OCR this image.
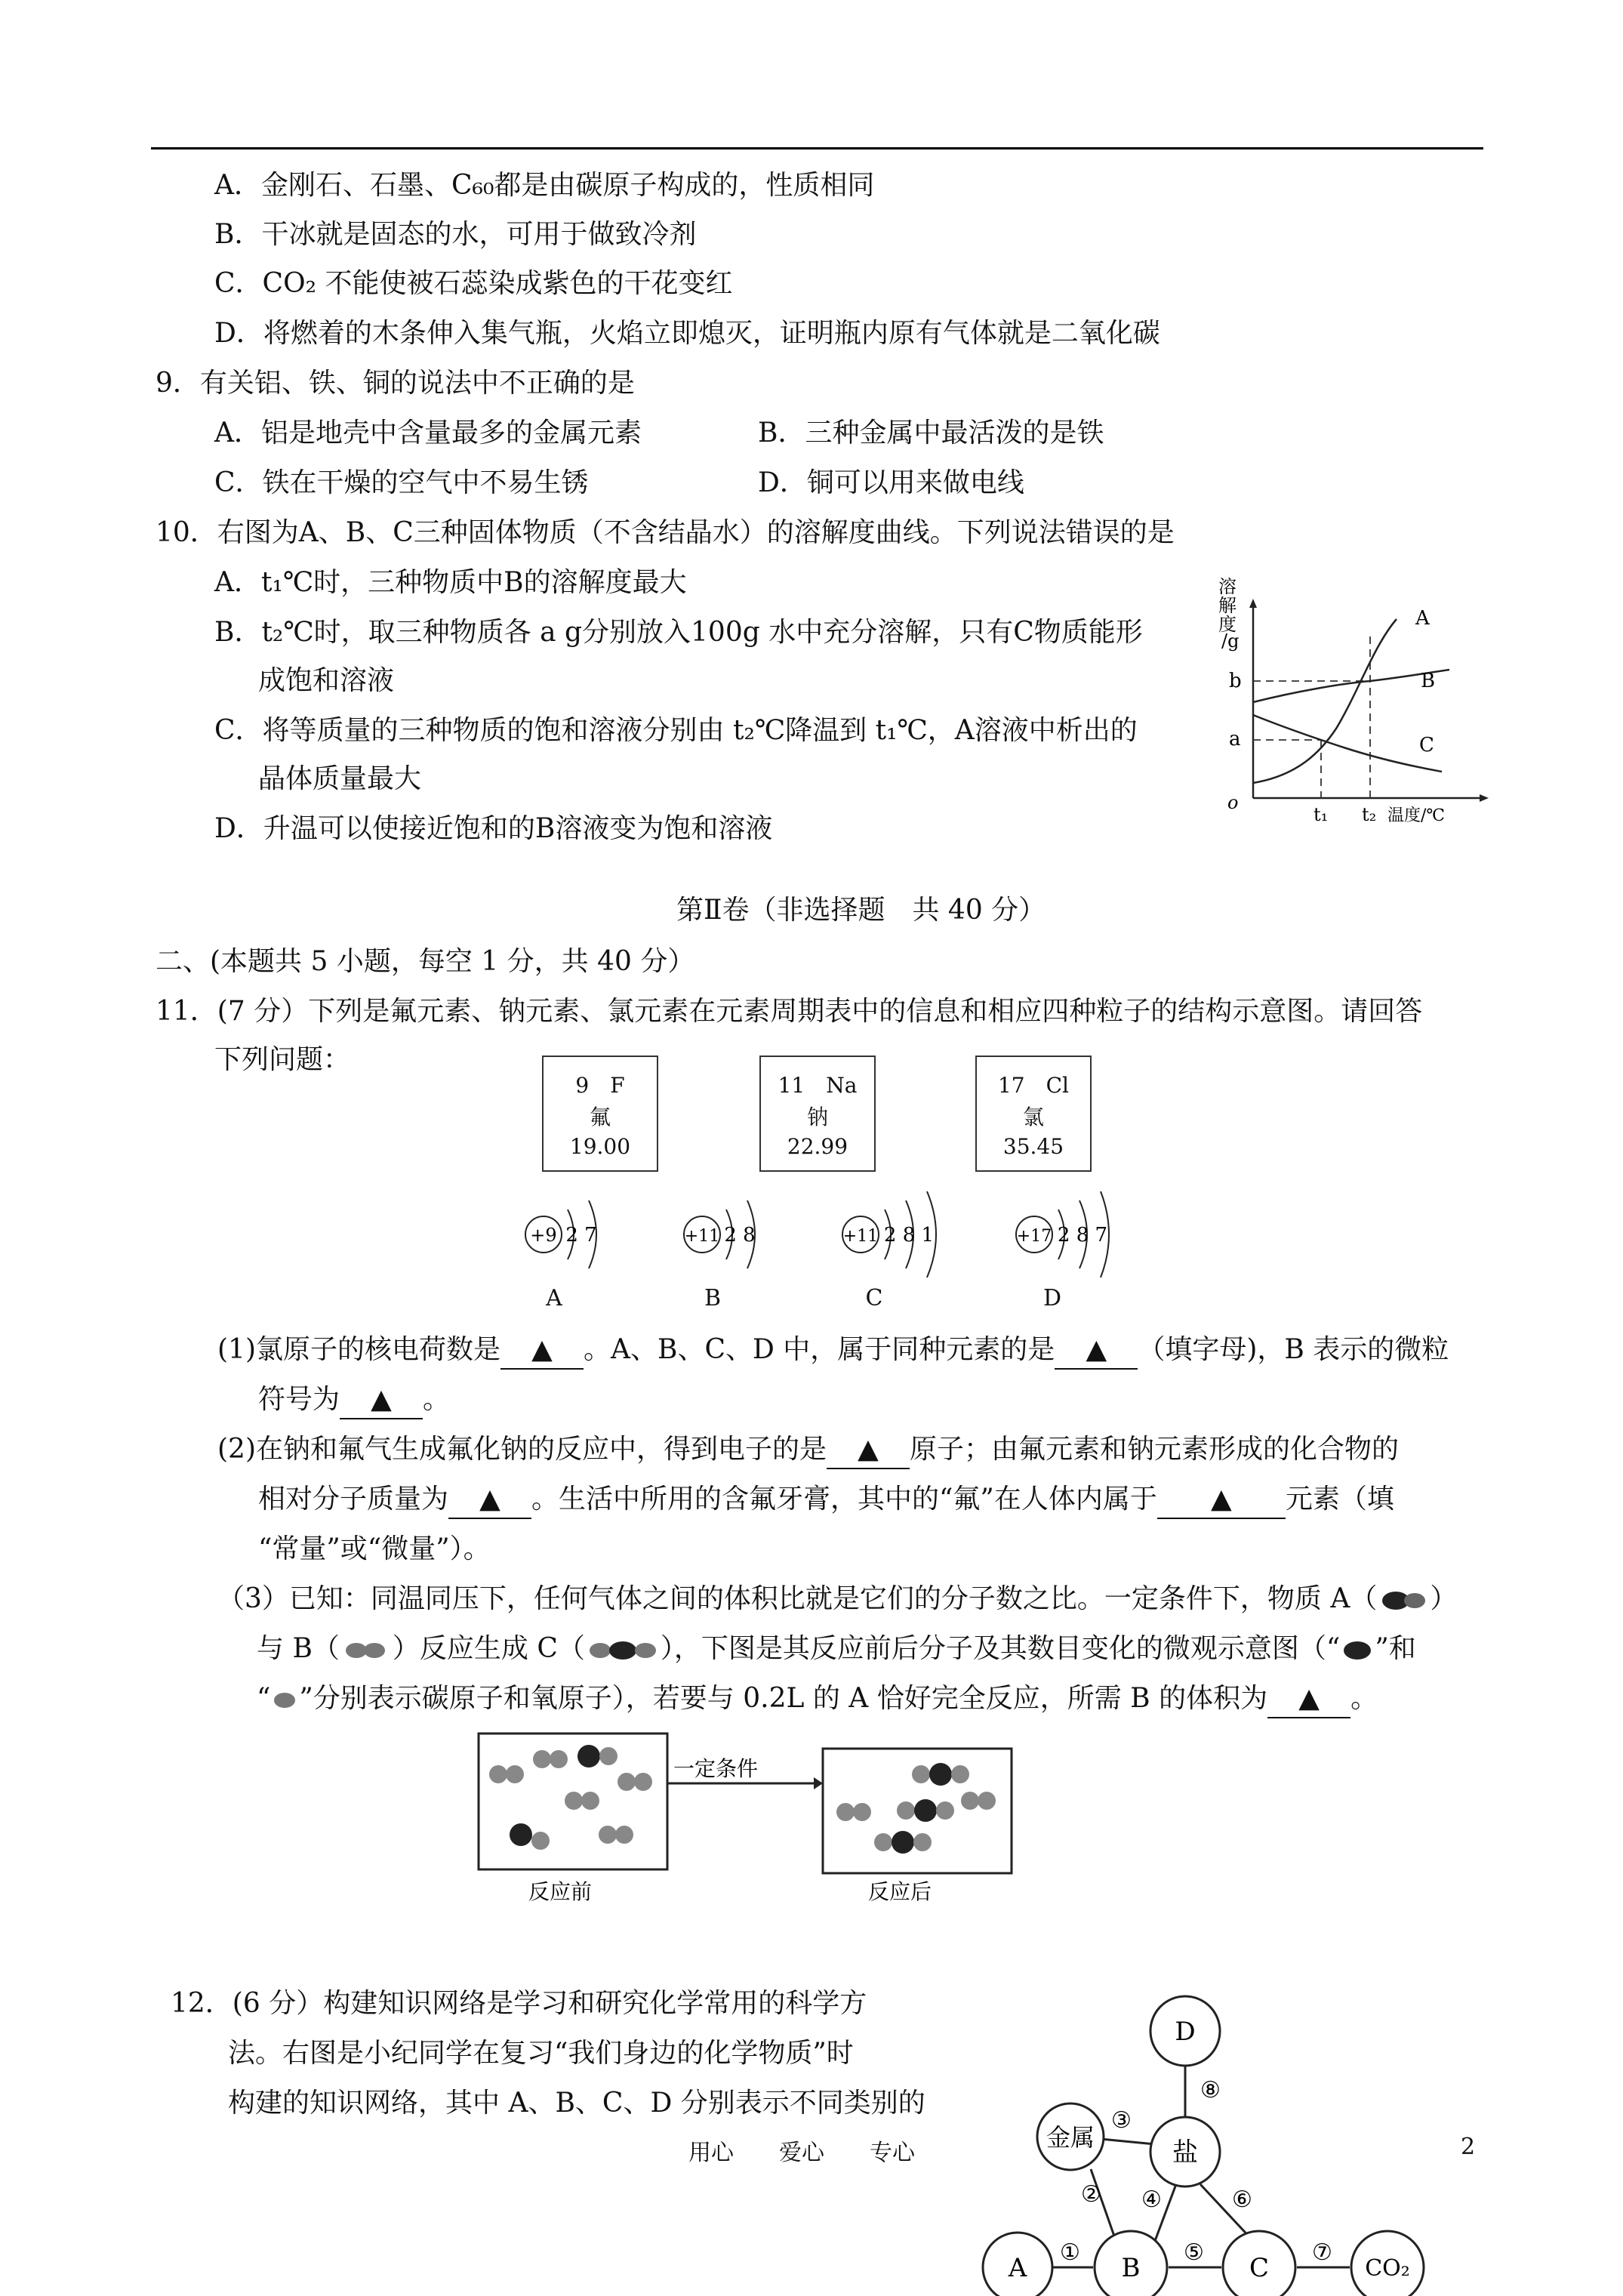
A．金刚石、石墨、C₆₀都是由碳原子构成的，性质相同
B．干冰就是固态的水，可用于做致冷剂
C．CO₂ 不能使被石蕊染成紫色的干花变红
D．将燃着的木条伸入集气瓶，火焰立即熄灭，证明瓶内原有气体就是二氧化碳
9．有关铝、铁、铜的说法中不正确的是
A．铝是地壳中含量最多的金属元素	B．三种金属中最活泼的是铁
C．铁在干燥的空气中不易生锈	D．铜可以用来做电线
10．右图为A、B、C三种固体物质（不含结晶水）的溶解度曲线。下列说法错误的是
A．t₁℃时，三种物质中B的溶解度最大
B．t₂℃时，取三种物质各 a g分别放入100g 水中充分溶解，只有C物质能形
成饱和溶液
C．将等质量的三种物质的饱和溶液分别由 t₂℃降温到 t₁℃，A溶液中析出的
晶体质量最大
D．升温可以使接近饱和的B溶液变为饱和溶液
溶解度/g
A
B
C
b
a
o
t₁ t₂ 温度/℃
第Ⅱ卷（非选择题　共 40 分）
二、(本题共 5 小题，每空 1 分，共 40 分）
11．(7 分）下列是氟元素、钠元素、氯元素在元素周期表中的信息和相应四种粒子的结构示意图。请回答
下列问题：
9　F
氟
19.00
11　Na
钠
22.99
17　Cl
氯
35.45
+9 2 7	+11 2 8	+11 2 8 1	+17 2 8 7
A	B	C	D
(1)氯原子的核电荷数是 ▲ 。A、B、C、D 中，属于同种元素的是 ▲ （填字母)，B 表示的微粒
符号为 ▲ 。
(2)在钠和氟气生成氟化钠的反应中，得到电子的是 ▲ 原子；由氟元素和钠元素形成的化合物的
相对分子质量为 ▲ 。生活中所用的含氟牙膏，其中的“氟”在人体内属于 ▲ 元素（填
“常量”或“微量”）。
（3）已知：同温同压下，任何气体之间的体积比就是它们的分子数之比。一定条件下，物质 A（ ）
与 B（ ）反应生成 C（	），下图是其反应前后分子及其数目变化的微观示意图（“ ”和
“ ”分别表示碳原子和氧原子），若要与 0.2L 的 A 恰好完全反应，所需 B 的体积为 ▲ 。
一定条件
反应前	反应后
12．(6 分）构建知识网络是学习和研究化学常用的科学方
法。右图是小纪同学在复习“我们身边的化学物质”时
构建的知识网络，其中 A、B、C、D 分别表示不同类别的
D
金属	盐
A	B	C	CO₂
⑧
③
② ④	⑥
①	⑤	⑦
用心　　爱心　　专心	2
